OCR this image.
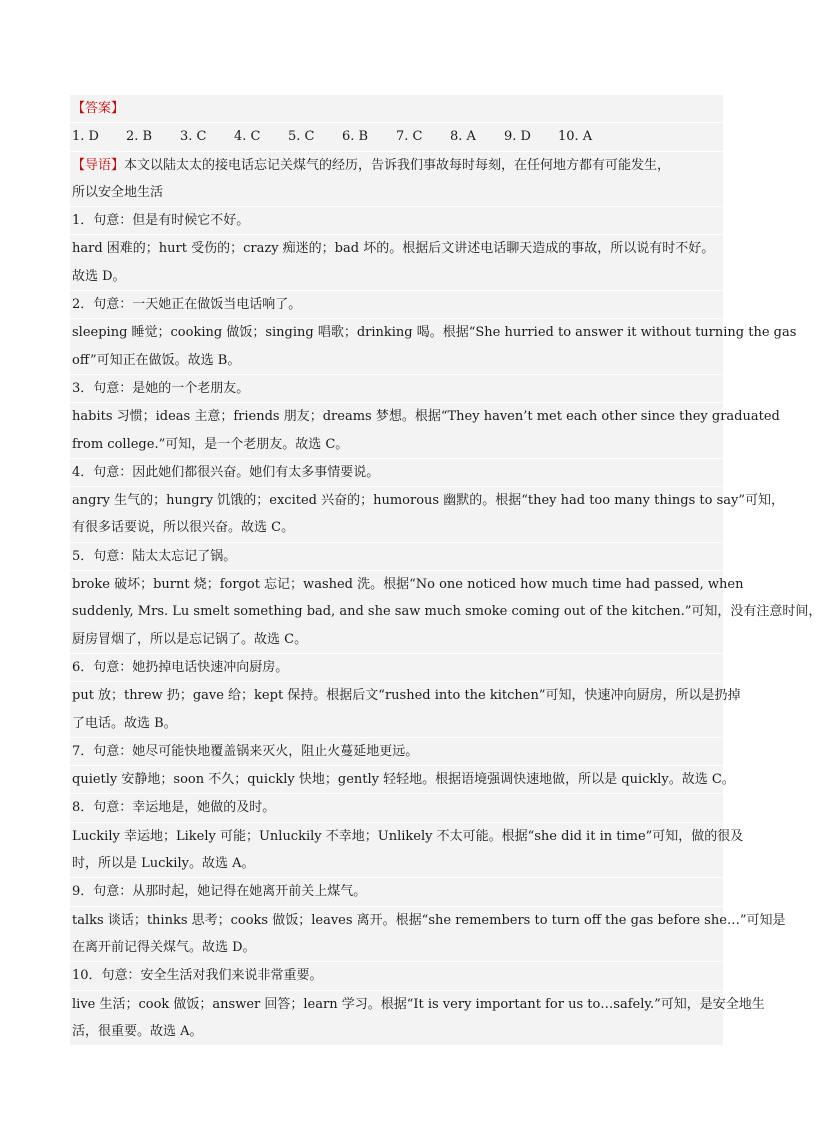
【答案】
1. D	2. B	3. C	4. C	5. C	6. B	7. C	8. A	9. D	10. A
【导语】本文以陆太太的接电话忘记关煤气的经历，告诉我们事故每时每刻，在任何地方都有可能发生，
所以安全地生活
1．句意：但是有时候它不好。
hard 困难的；hurt 受伤的；crazy 痴迷的；bad 坏的。根据后文讲述电话聊天造成的事故，所以说有时不好。
故选 D。
2．句意：一天她正在做饭当电话响了。
sleeping 睡觉；cooking 做饭；singing 唱歌；drinking 喝。根据“She hurried to answer it without turning the gas
off”可知正在做饭。故选 B。
3．句意：是她的一个老朋友。
habits 习惯；ideas 主意；friends 朋友；dreams 梦想。根据“They haven’t met each other since they graduated
from college.”可知，是一个老朋友。故选 C。
4．句意：因此她们都很兴奋。她们有太多事情要说。
angry 生气的；hungry 饥饿的；excited 兴奋的；humorous 幽默的。根据“they had too many things to say”可知，
有很多话要说，所以很兴奋。故选 C。
5．句意：陆太太忘记了锅。
broke 破坏；burnt 烧；forgot 忘记；washed 洗。根据“No one noticed how much time had passed, when
suddenly, Mrs. Lu smelt something bad, and she saw much smoke coming out of the kitchen.”可知，没有注意时间，
厨房冒烟了，所以是忘记锅了。故选 C。
6．句意：她扔掉电话快速冲向厨房。
put 放；threw 扔；gave 给；kept 保持。根据后文“rushed into the kitchen”可知，快速冲向厨房，所以是扔掉
了电话。故选 B。
7．句意：她尽可能快地覆盖锅来灭火，阻止火蔓延地更远。
quietly 安静地；soon 不久；quickly 快地；gently 轻轻地。根据语境强调快速地做，所以是 quickly。故选 C。
8．句意：幸运地是，她做的及时。
Luckily 幸运地；Likely 可能；Unluckily 不幸地；Unlikely 不太可能。根据“she did it in time”可知，做的很及
时，所以是 Luckily。故选 A。
9．句意：从那时起，她记得在她离开前关上煤气。
talks 谈话；thinks 思考；cooks 做饭；leaves 离开。根据“she remembers to turn off the gas before she…”可知是
在离开前记得关煤气。故选 D。
10．句意：安全生活对我们来说非常重要。
live 生活；cook 做饭；answer 回答；learn 学习。根据“It is very important for us to…safely.”可知，是安全地生
活，很重要。故选 A。
